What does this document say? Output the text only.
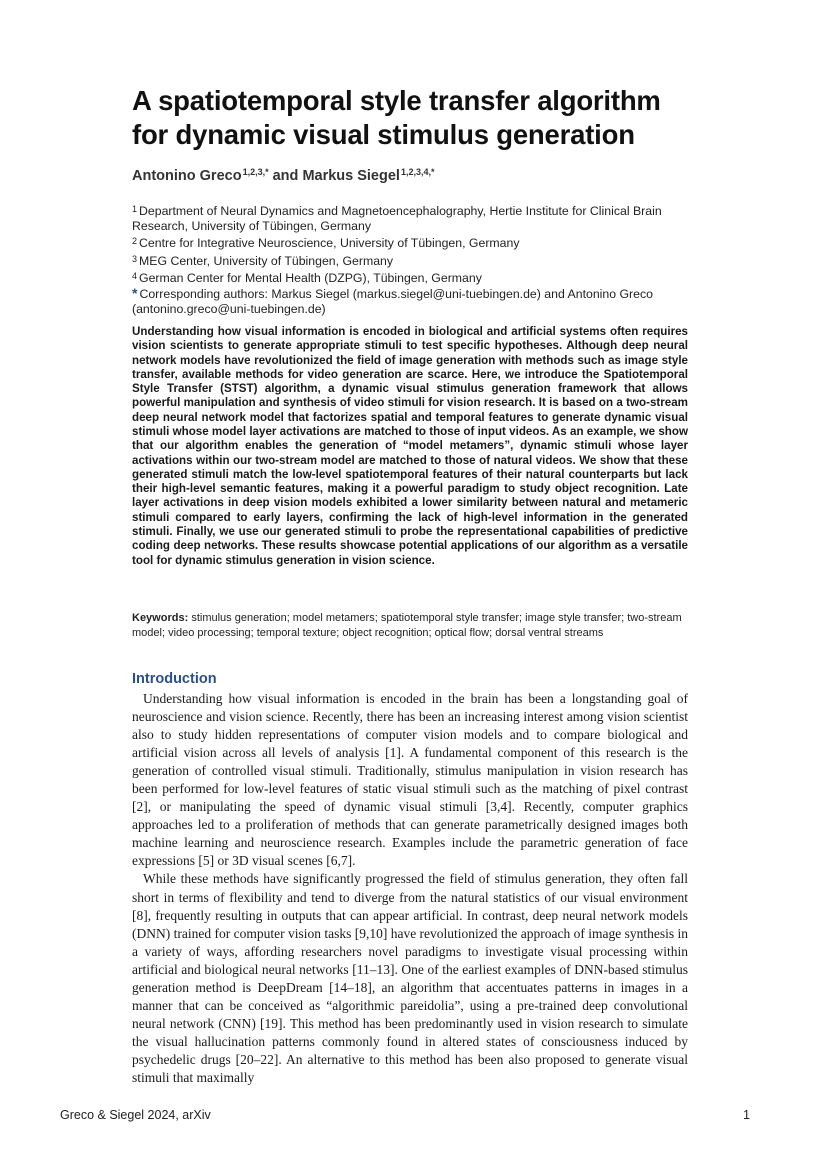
A spatiotemporal style transfer algorithm for dynamic visual stimulus generation

Antonino Greco$^{1,2,3,*}$ and Markus Siegel$^{1,2,3,4,*}$

$^1$ Department of Neural Dynamics and Magnetoencephalography, Hertie Institute for Clinical Brain Research, University of Tübingen, Germany

$^2$ Centre for Integrative Neuroscience, University of Tübingen, Germany

$^3$ MEG Center, University of Tübingen, Germany

$^4$ German Center for Mental Health (DZPG), Tübingen, Germany

* Corresponding authors: Markus Siegel (markus.siegel@uni-tuebingen.de) and Antonino Greco (antonino.greco@uni-tuebingen.de)

Understanding how visual information is encoded in biological and artificial systems often requires vision scientists to generate appropriate stimuli to test specific hypotheses. Although deep neural network models have revolutionized the field of image generation with methods such as image style transfer, available methods for video generation are scarce. Here, we introduce the Spatiotemporal Style Transfer (STST) algorithm, a dynamic visual stimulus generation framework that allows powerful manipulation and synthesis of video stimuli for vision research. It is based on a two-stream deep neural network model that factorizes spatial and temporal features to generate dynamic visual stimuli whose model layer activations are matched to those of input videos. As an example, we show that our algorithm enables the generation of “model metamers”, dynamic stimuli whose layer activations within our two-stream model are matched to those of natural videos. We show that these generated stimuli match the low-level spatiotemporal features of their natural counterparts but lack their high-level semantic features, making it a powerful paradigm to study object recognition. Late layer activations in deep vision models exhibited a lower similarity between natural and metameric stimuli compared to early layers, confirming the lack of high-level information in the generated stimuli. Finally, we use our generated stimuli to probe the representational capabilities of predictive coding deep networks. These results showcase potential applications of our algorithm as a versatile tool for dynamic stimulus generation in vision science.

Keywords: stimulus generation; model metamers; spatiotemporal style transfer; image style transfer; two-stream model; video processing; temporal texture; object recognition; optical flow; dorsal ventral streams

Introduction

Understanding how visual information is encoded in the brain has been a longstanding goal of neuroscience and vision science. Recently, there has been an increasing interest among vision scientist also to study hidden representations of computer vision models and to compare biological and artificial vision across all levels of analysis [1]. A fundamental component of this research is the generation of controlled visual stimuli. Traditionally, stimulus manipulation in vision research has been performed for low-level features of static visual stimuli such as the matching of pixel contrast [2], or manipulating the speed of dynamic visual stimuli [3,4]. Recently, computer graphics approaches led to a proliferation of methods that can generate parametrically designed images both machine learning and neuroscience research. Examples include the parametric generation of face expressions [5] or 3D visual scenes [6,7].

While these methods have significantly progressed the field of stimulus generation, they often fall short in terms of flexibility and tend to diverge from the natural statistics of our visual environment [8], frequently resulting in outputs that can appear artificial. In contrast, deep neural network models (DNN) trained for computer vision tasks [9,10] have revolutionized the approach of image synthesis in a variety of ways, affording researchers novel paradigms to investigate visual processing within artificial and biological neural networks [11–13]. One of the earliest examples of DNN-based stimulus generation method is DeepDream [14–18], an algorithm that accentuates patterns in images in a manner that can be conceived as “algorithmic pareidolia”, using a pre-trained deep convolutional neural network (CNN) [19]. This method has been predominantly used in vision research to simulate the visual hallucination patterns commonly found in altered states of consciousness induced by psychedelic drugs [20–22]. An alternative to this method has been also proposed to generate visual stimuli that maximally

Greco & Siegel 2024, arXiv	1
